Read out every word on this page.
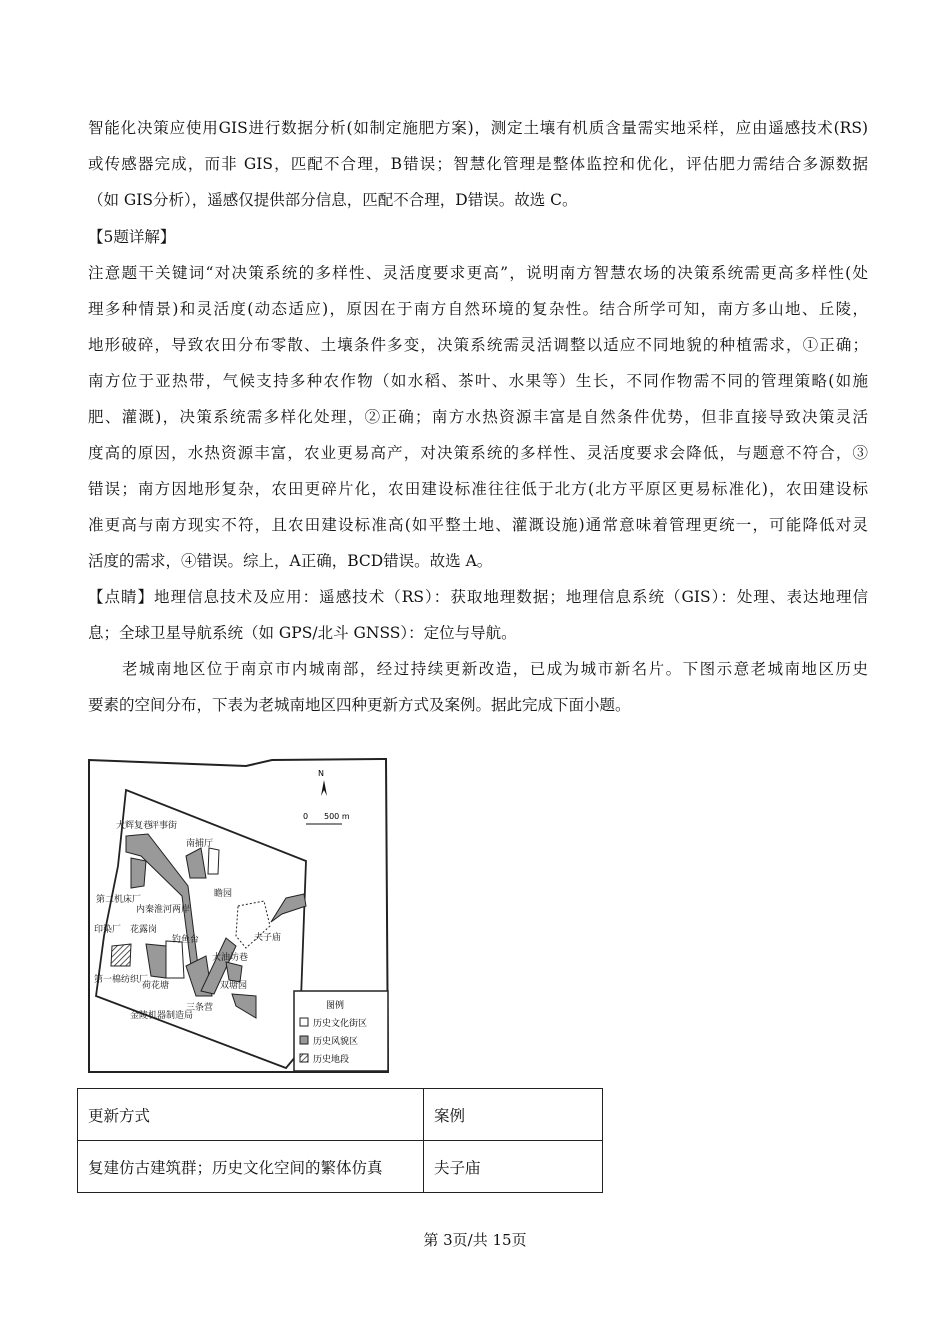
智能化决策应使用GIS进行数据分析(如制定施肥方案)，测定土壤有机质含量需实地采样，应由遥感技术(RS)
或传感器完成，而非 GIS，匹配不合理，B错误；智慧化管理是整体监控和优化，评估肥力需结合多源数据
（如 GIS分析），遥感仅提供部分信息，匹配不合理，D错误。故选 C。
【5题详解】
注意题干关键词“对决策系统的多样性、灵活度要求更高”，说明南方智慧农场的决策系统需更高多样性(处
理多种情景)和灵活度(动态适应)，原因在于南方自然环境的复杂性。结合所学可知，南方多山地、丘陵，
地形破碎，导致农田分布零散、土壤条件多变，决策系统需灵活调整以适应不同地貌的种植需求，①正确；
南方位于亚热带，气候支持多种农作物（如水稻、茶叶、水果等）生长，不同作物需不同的管理策略(如施
肥、灌溉)，决策系统需多样化处理，②正确；南方水热资源丰富是自然条件优势，但非直接导致决策灵活
度高的原因，水热资源丰富，农业更易高产，对决策系统的多样性、灵活度要求会降低，与题意不符合，③
错误；南方因地形复杂，农田更碎片化，农田建设标准往往低于北方(北方平原区更易标准化)，农田建设标
准更高与南方现实不符，且农田建设标准高(如平整土地、灌溉设施)通常意味着管理更统一，可能降低对灵
活度的需求，④错误。综上，A正确，BCD错误。故选 A。
【点睛】地理信息技术及应用：遥感技术（RS）：获取地理数据；地理信息系统（GIS）：处理、表达地理信
息；全球卫星导航系统（如 GPS/北斗 GNSS）：定位与导航。
　　老城南地区位于南京市内城南部，经过持续更新改造，已成为城市新名片。下图示意老城南地区历史
要素的空间分布，下表为老城南地区四种更新方式及案例。据此完成下面小题。
N
0 500 m
大辉复巷
评事街
南捕厅
第二机床厂
内秦淮河两岸
瞻园
夫子庙
印染厂 花露岗
钓鱼台
大油坊巷
第一棉纺织厂
荷花塘	双塘园
三条营
金陵机器制造局
图例
历史文化街区
历史风貌区
历史地段
更新方式	案例
复建仿古建筑群；历史文化空间的繁体仿真	夫子庙
第 3页/共 15页
